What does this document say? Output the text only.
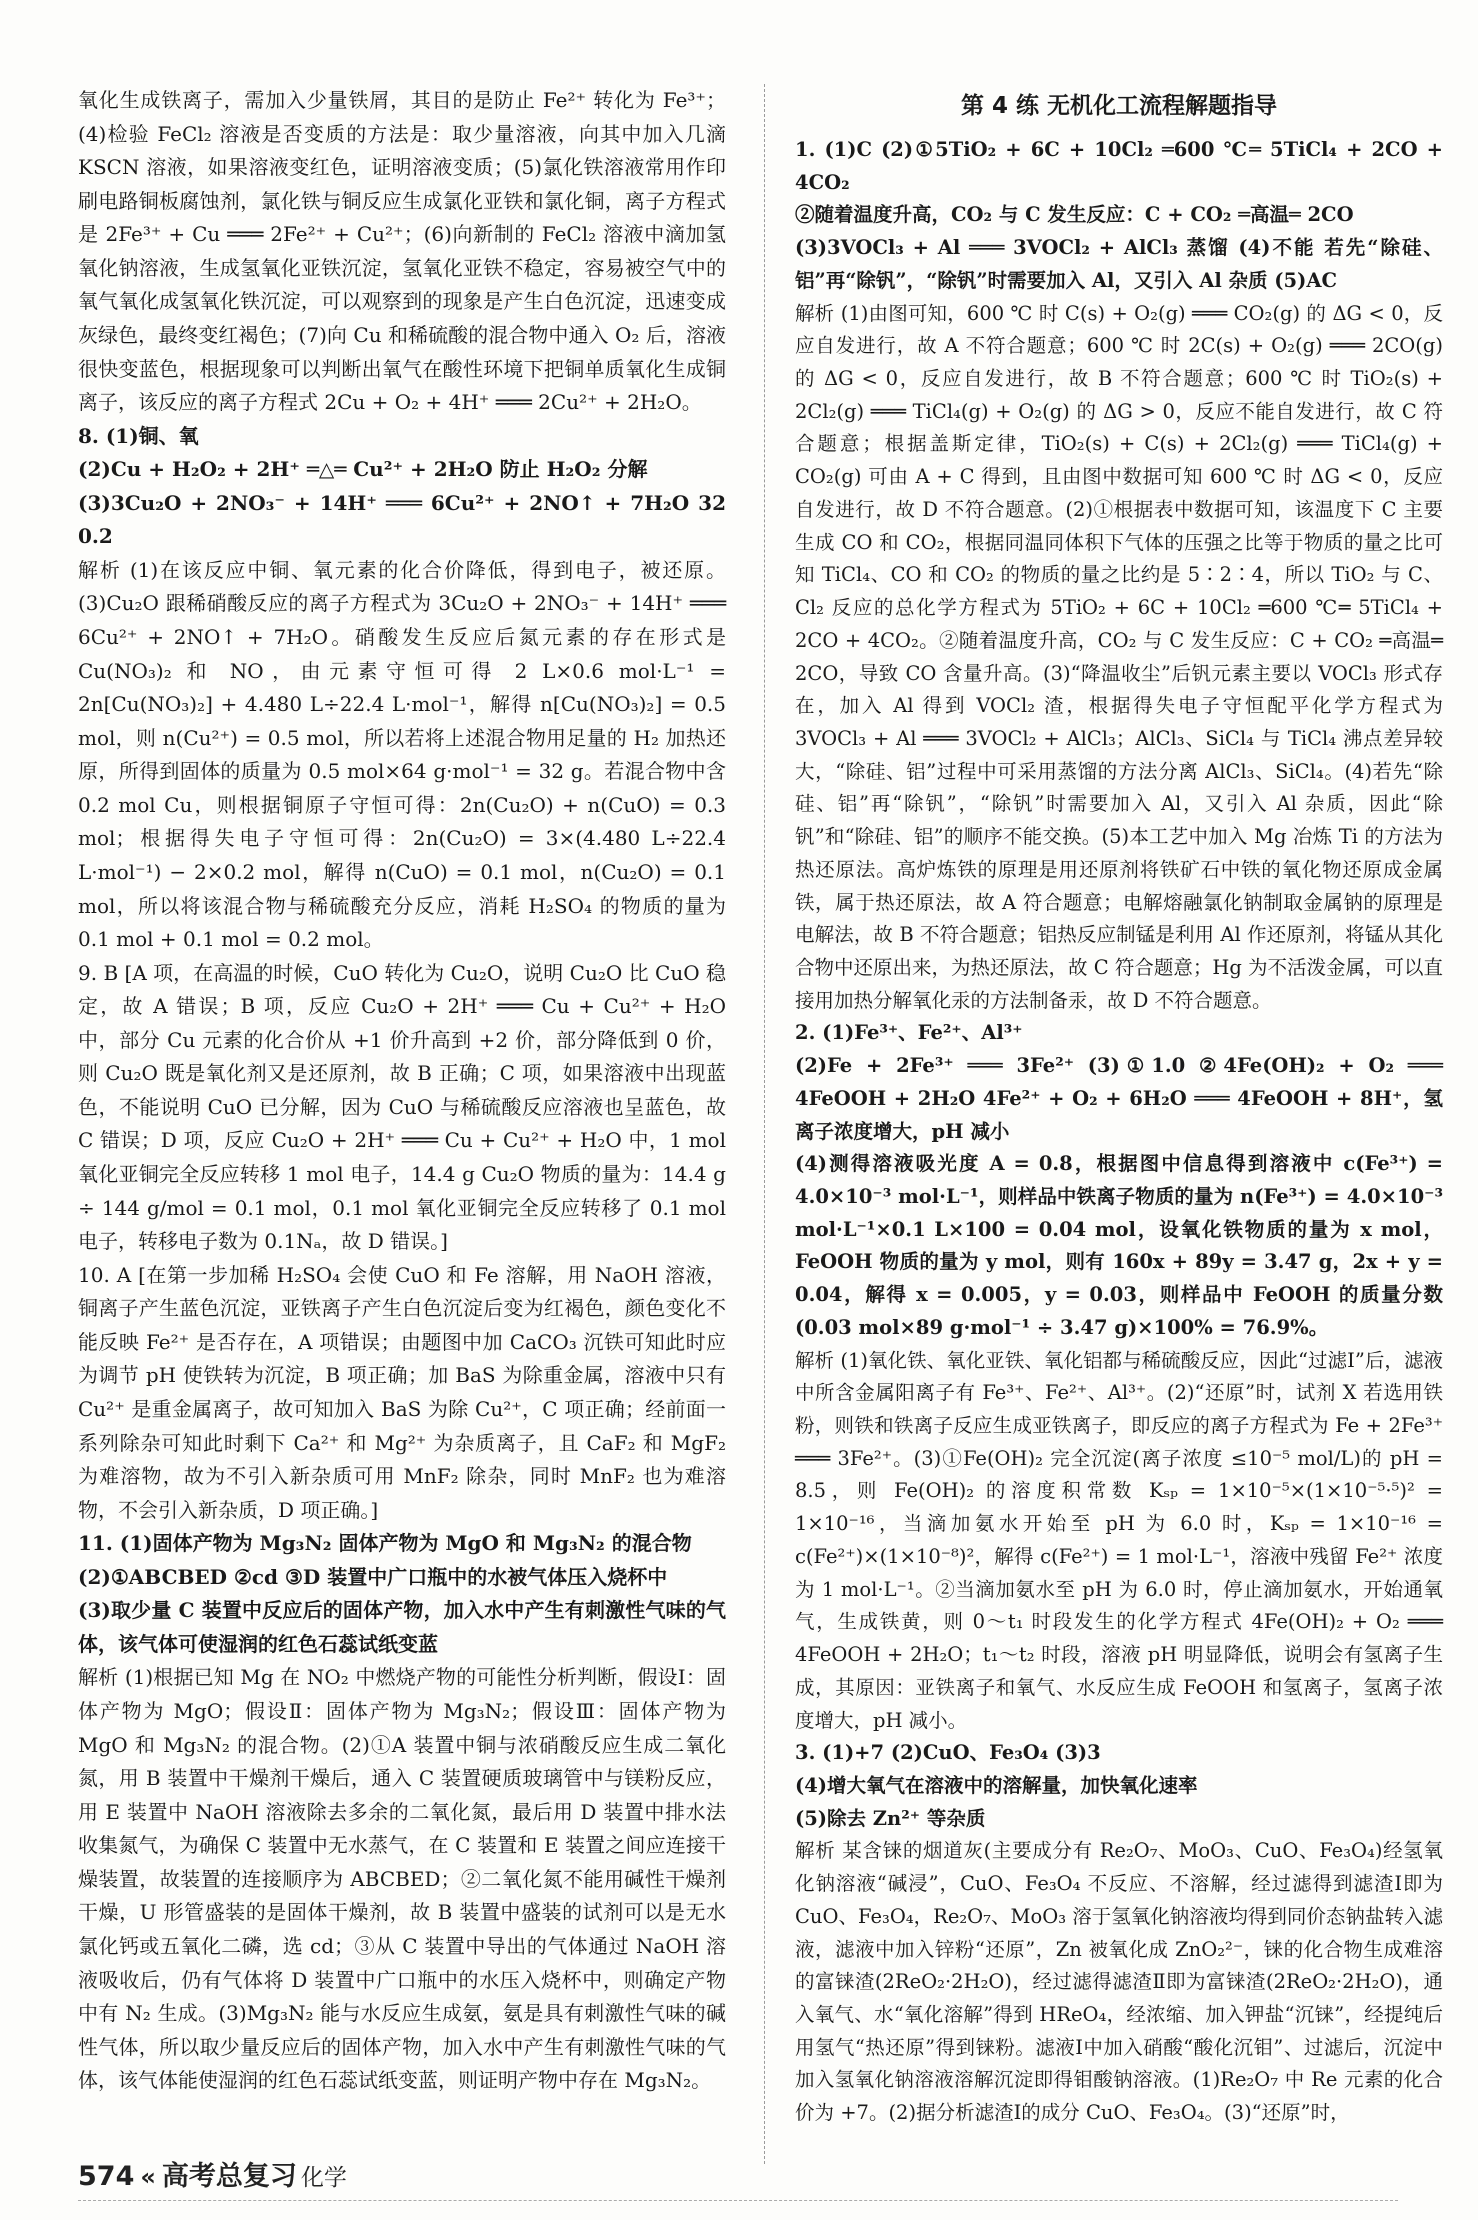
氧化生成铁离子，需加入少量铁屑，其目的是防止 Fe²⁺ 转化为 Fe³⁺；(4)检验 FeCl₂ 溶液是否变质的方法是：取少量溶液，向其中加入几滴 KSCN 溶液，如果溶液变红色，证明溶液变质；(5)氯化铁溶液常用作印刷电路铜板腐蚀剂，氯化铁与铜反应生成氯化亚铁和氯化铜，离子方程式是 2Fe³⁺ + Cu ═══ 2Fe²⁺ + Cu²⁺；(6)向新制的 FeCl₂ 溶液中滴加氢氧化钠溶液，生成氢氧化亚铁沉淀，氢氧化亚铁不稳定，容易被空气中的氧气氧化成氢氧化铁沉淀，可以观察到的现象是产生白色沉淀，迅速变成灰绿色，最终变红褐色；(7)向 Cu 和稀硫酸的混合物中通入 O₂ 后，溶液很快变蓝色，根据现象可以判断出氧气在酸性环境下把铜单质氧化生成铜离子，该反应的离子方程式 2Cu + O₂ + 4H⁺ ═══ 2Cu²⁺ + 2H₂O。

8. (1)铜、氧

(2)Cu + H₂O₂ + 2H⁺ ═△═ Cu²⁺ + 2H₂O 防止 H₂O₂ 分解

(3)3Cu₂O + 2NO₃⁻ + 14H⁺ ═══ 6Cu²⁺ + 2NO↑ + 7H₂O 32 0.2

解析 (1)在该反应中铜、氧元素的化合价降低，得到电子，被还原。(3)Cu₂O 跟稀硝酸反应的离子方程式为 3Cu₂O + 2NO₃⁻ + 14H⁺ ═══ 6Cu²⁺ + 2NO↑ + 7H₂O。硝酸发生反应后氮元素的存在形式是 Cu(NO₃)₂ 和 NO，由元素守恒可得 2 L×0.6 mol·L⁻¹ = 2n[Cu(NO₃)₂] + 4.480 L÷22.4 L·mol⁻¹，解得 n[Cu(NO₃)₂] = 0.5 mol，则 n(Cu²⁺) = 0.5 mol，所以若将上述混合物用足量的 H₂ 加热还原，所得到固体的质量为 0.5 mol×64 g·mol⁻¹ = 32 g。若混合物中含 0.2 mol Cu，则根据铜原子守恒可得：2n(Cu₂O) + n(CuO) = 0.3 mol；根据得失电子守恒可得：2n(Cu₂O) = 3×(4.480 L÷22.4 L·mol⁻¹) − 2×0.2 mol，解得 n(CuO) = 0.1 mol，n(Cu₂O) = 0.1 mol，所以将该混合物与稀硫酸充分反应，消耗 H₂SO₄ 的物质的量为 0.1 mol + 0.1 mol = 0.2 mol。

9. B [A 项，在高温的时候，CuO 转化为 Cu₂O，说明 Cu₂O 比 CuO 稳定，故 A 错误；B 项，反应 Cu₂O + 2H⁺ ═══ Cu + Cu²⁺ + H₂O 中，部分 Cu 元素的化合价从 +1 价升高到 +2 价，部分降低到 0 价，则 Cu₂O 既是氧化剂又是还原剂，故 B 正确；C 项，如果溶液中出现蓝色，不能说明 CuO 已分解，因为 CuO 与稀硫酸反应溶液也呈蓝色，故 C 错误；D 项，反应 Cu₂O + 2H⁺ ═══ Cu + Cu²⁺ + H₂O 中，1 mol 氧化亚铜完全反应转移 1 mol 电子，14.4 g Cu₂O 物质的量为：14.4 g ÷ 144 g/mol = 0.1 mol，0.1 mol 氧化亚铜完全反应转移了 0.1 mol 电子，转移电子数为 0.1Nₐ，故 D 错误。]

10. A [在第一步加稀 H₂SO₄ 会使 CuO 和 Fe 溶解，用 NaOH 溶液，铜离子产生蓝色沉淀，亚铁离子产生白色沉淀后变为红褐色，颜色变化不能反映 Fe²⁺ 是否存在，A 项错误；由题图中加 CaCO₃ 沉铁可知此时应为调节 pH 使铁转为沉淀，B 项正确；加 BaS 为除重金属，溶液中只有 Cu²⁺ 是重金属离子，故可知加入 BaS 为除 Cu²⁺，C 项正确；经前面一系列除杂可知此时剩下 Ca²⁺ 和 Mg²⁺ 为杂质离子，且 CaF₂ 和 MgF₂ 为难溶物，故为不引入新杂质可用 MnF₂ 除杂，同时 MnF₂ 也为难溶物，不会引入新杂质，D 项正确。]

11. (1)固体产物为 Mg₃N₂ 固体产物为 MgO 和 Mg₃N₂ 的混合物

(2)①ABCBED ②cd ③D 装置中广口瓶中的水被气体压入烧杯中

(3)取少量 C 装置中反应后的固体产物，加入水中产生有刺激性气味的气体，该气体可使湿润的红色石蕊试纸变蓝

解析 (1)根据已知 Mg 在 NO₂ 中燃烧产物的可能性分析判断，假设Ⅰ：固体产物为 MgO；假设Ⅱ：固体产物为 Mg₃N₂；假设Ⅲ：固体产物为 MgO 和 Mg₃N₂ 的混合物。(2)①A 装置中铜与浓硝酸反应生成二氧化氮，用 B 装置中干燥剂干燥后，通入 C 装置硬质玻璃管中与镁粉反应，用 E 装置中 NaOH 溶液除去多余的二氧化氮，最后用 D 装置中排水法收集氮气，为确保 C 装置中无水蒸气，在 C 装置和 E 装置之间应连接干燥装置，故装置的连接顺序为 ABCBED；②二氧化氮不能用碱性干燥剂干燥，U 形管盛装的是固体干燥剂，故 B 装置中盛装的试剂可以是无水氯化钙或五氧化二磷，选 cd；③从 C 装置中导出的气体通过 NaOH 溶液吸收后，仍有气体将 D 装置中广口瓶中的水压入烧杯中，则确定产物中有 N₂ 生成。(3)Mg₃N₂ 能与水反应生成氨，氨是具有刺激性气味的碱性气体，所以取少量反应后的固体产物，加入水中产生有刺激性气味的气体，该气体能使湿润的红色石蕊试纸变蓝，则证明产物中存在 Mg₃N₂。

第 4 练 无机化工流程解题指导

1. (1)C (2)①5TiO₂ + 6C + 10Cl₂ ═600 ℃═ 5TiCl₄ + 2CO + 4CO₂

②随着温度升高，CO₂ 与 C 发生反应：C + CO₂ ═高温═ 2CO

(3)3VOCl₃ + Al ═══ 3VOCl₂ + AlCl₃ 蒸馏 (4)不能 若先“除硅、铝”再“除钒”，“除钒”时需要加入 Al，又引入 Al 杂质 (5)AC

解析 (1)由图可知，600 ℃ 时 C(s) + O₂(g) ═══ CO₂(g) 的 ΔG < 0，反应自发进行，故 A 不符合题意；600 ℃ 时 2C(s) + O₂(g) ═══ 2CO(g) 的 ΔG < 0，反应自发进行，故 B 不符合题意；600 ℃ 时 TiO₂(s) + 2Cl₂(g) ═══ TiCl₄(g) + O₂(g) 的 ΔG > 0，反应不能自发进行，故 C 符合题意；根据盖斯定律，TiO₂(s) + C(s) + 2Cl₂(g) ═══ TiCl₄(g) + CO₂(g) 可由 A + C 得到，且由图中数据可知 600 ℃ 时 ΔG < 0，反应自发进行，故 D 不符合题意。(2)①根据表中数据可知，该温度下 C 主要生成 CO 和 CO₂，根据同温同体积下气体的压强之比等于物质的量之比可知 TiCl₄、CO 和 CO₂ 的物质的量之比约是 5∶2∶4，所以 TiO₂ 与 C、Cl₂ 反应的总化学方程式为 5TiO₂ + 6C + 10Cl₂ ═600 ℃═ 5TiCl₄ + 2CO + 4CO₂。②随着温度升高，CO₂ 与 C 发生反应：C + CO₂ ═高温═ 2CO，导致 CO 含量升高。(3)“降温收尘”后钒元素主要以 VOCl₃ 形式存在，加入 Al 得到 VOCl₂ 渣，根据得失电子守恒配平化学方程式为 3VOCl₃ + Al ═══ 3VOCl₂ + AlCl₃；AlCl₃、SiCl₄ 与 TiCl₄ 沸点差异较大，“除硅、铝”过程中可采用蒸馏的方法分离 AlCl₃、SiCl₄。(4)若先“除硅、铝”再“除钒”，“除钒”时需要加入 Al，又引入 Al 杂质，因此“除钒”和“除硅、铝”的顺序不能交换。(5)本工艺中加入 Mg 冶炼 Ti 的方法为热还原法。高炉炼铁的原理是用还原剂将铁矿石中铁的氧化物还原成金属铁，属于热还原法，故 A 符合题意；电解熔融氯化钠制取金属钠的原理是电解法，故 B 不符合题意；铝热反应制锰是利用 Al 作还原剂，将锰从其化合物中还原出来，为热还原法，故 C 符合题意；Hg 为不活泼金属，可以直接用加热分解氧化汞的方法制备汞，故 D 不符合题意。

2. (1)Fe³⁺、Fe²⁺、Al³⁺

(2)Fe + 2Fe³⁺ ═══ 3Fe²⁺ (3)①1.0 ②4Fe(OH)₂ + O₂ ═══ 4FeOOH + 2H₂O 4Fe²⁺ + O₂ + 6H₂O ═══ 4FeOOH + 8H⁺，氢离子浓度增大，pH 减小

(4)测得溶液吸光度 A = 0.8，根据图中信息得到溶液中 c(Fe³⁺) = 4.0×10⁻³ mol·L⁻¹，则样品中铁离子物质的量为 n(Fe³⁺) = 4.0×10⁻³ mol·L⁻¹×0.1 L×100 = 0.04 mol，设氧化铁物质的量为 x mol，FeOOH 物质的量为 y mol，则有 160x + 89y = 3.47 g，2x + y = 0.04，解得 x = 0.005，y = 0.03，则样品中 FeOOH 的质量分数 (0.03 mol×89 g·mol⁻¹ ÷ 3.47 g)×100% = 76.9%。

解析 (1)氧化铁、氧化亚铁、氧化铝都与稀硫酸反应，因此“过滤Ⅰ”后，滤液中所含金属阳离子有 Fe³⁺、Fe²⁺、Al³⁺。(2)“还原”时，试剂 X 若选用铁粉，则铁和铁离子反应生成亚铁离子，即反应的离子方程式为 Fe + 2Fe³⁺ ═══ 3Fe²⁺。(3)①Fe(OH)₂ 完全沉淀(离子浓度 ≤10⁻⁵ mol/L)的 pH = 8.5，则 Fe(OH)₂ 的溶度积常数 Kₛₚ = 1×10⁻⁵×(1×10⁻⁵·⁵)² = 1×10⁻¹⁶，当滴加氨水开始至 pH 为 6.0 时，Kₛₚ = 1×10⁻¹⁶ = c(Fe²⁺)×(1×10⁻⁸)²，解得 c(Fe²⁺) = 1 mol·L⁻¹，溶液中残留 Fe²⁺ 浓度为 1 mol·L⁻¹。②当滴加氨水至 pH 为 6.0 时，停止滴加氨水，开始通氧气，生成铁黄，则 0～t₁ 时段发生的化学方程式 4Fe(OH)₂ + O₂ ═══ 4FeOOH + 2H₂O；t₁～t₂ 时段，溶液 pH 明显降低，说明会有氢离子生成，其原因：亚铁离子和氧气、水反应生成 FeOOH 和氢离子，氢离子浓度增大，pH 减小。

3. (1)+7 (2)CuO、Fe₃O₄ (3)3

(4)增大氧气在溶液中的溶解量，加快氧化速率

(5)除去 Zn²⁺ 等杂质

解析 某含铼的烟道灰(主要成分有 Re₂O₇、MoO₃、CuO、Fe₃O₄)经氢氧化钠溶液“碱浸”，CuO、Fe₃O₄ 不反应、不溶解，经过滤得到滤渣Ⅰ即为 CuO、Fe₃O₄，Re₂O₇、MoO₃ 溶于氢氧化钠溶液均得到同价态钠盐转入滤液，滤液中加入锌粉“还原”，Zn 被氧化成 ZnO₂²⁻，铼的化合物生成难溶的富铼渣(2ReO₂·2H₂O)，经过滤得滤渣Ⅱ即为富铼渣(2ReO₂·2H₂O)，通入氧气、水“氧化溶解”得到 HReO₄，经浓缩、加入钾盐“沉铼”，经提纯后用氢气“热还原”得到铼粉。滤液Ⅰ中加入硝酸“酸化沉钼”、过滤后，沉淀中加入氢氧化钠溶液溶解沉淀即得钼酸钠溶液。(1)Re₂O₇ 中 Re 元素的化合价为 +7。(2)据分析滤渣Ⅰ的成分 CuO、Fe₃O₄。(3)“还原”时，

574 « 高考总复习 化学
